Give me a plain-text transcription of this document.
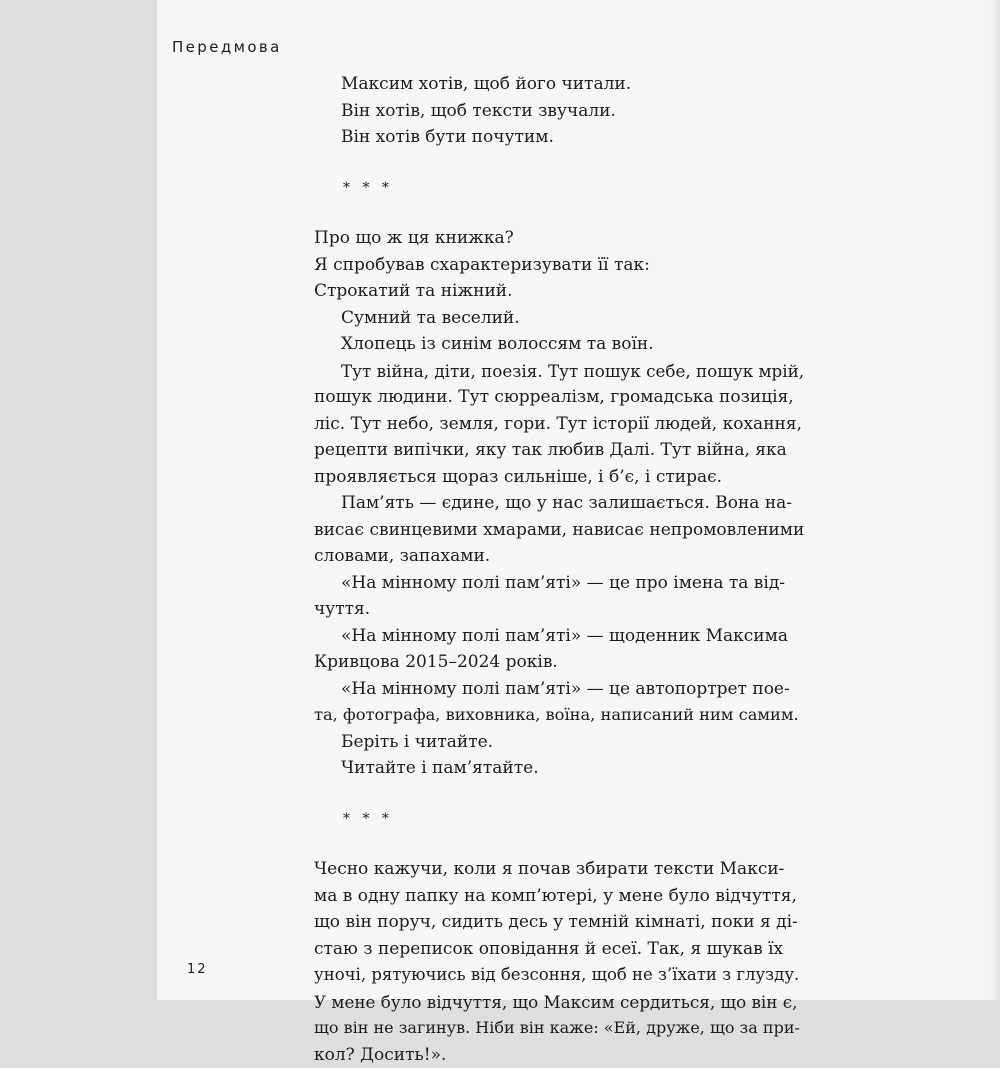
Передмова
Максим хотів, щоб його читали.
Він хотів, щоб тексти звучали.
Він хотів бути почутим.
* * *
Про що ж ця книжка?
Я спробував схарактеризувати її так:
Строкатий та ніжний.
Сумний та веселий.
Хлопець із синім волоссям та воїн.
Тут війна, діти, поезія. Тут пошук себе, пошук мрій,
пошук людини. Тут сюрреалізм, громадська позиція,
ліс. Тут небо, земля, гори. Тут історії людей, кохання,
рецепти випічки, яку так любив Далі. Тут війна, яка
проявляється щораз сильніше, і б’є, і стирає.
Пам’ять — єдине, що у нас залишається. Вона на-
висає свинцевими хмарами, нависає непромовленими
словами, запахами.
«На мінному полі пам’яті» — це про імена та від-
чуття.
«На мінному полі пам’яті» — щоденник Максима
Кривцова 2015–2024 років.
«На мінному полі пам’яті» — це автопортрет пое-
та, фотографа, виховника, воїна, написаний ним самим.
Беріть і читайте.
Читайте і пам’ятайте.
* * *
Чесно кажучи, коли я почав збирати тексти Макси-
ма в одну папку на комп’ютері, у мене було відчуття,
що він поруч, сидить десь у темній кімнаті, поки я ді-
стаю з переписок оповідання й есеї. Так, я шукав їх
уночі, рятуючись від безсоння, щоб не з’їхати з глузду.
У мене було відчуття, що Максим сердиться, що він є,
що він не загинув. Ніби він каже: «Ей, друже, що за при-
кол? Досить!».
12
